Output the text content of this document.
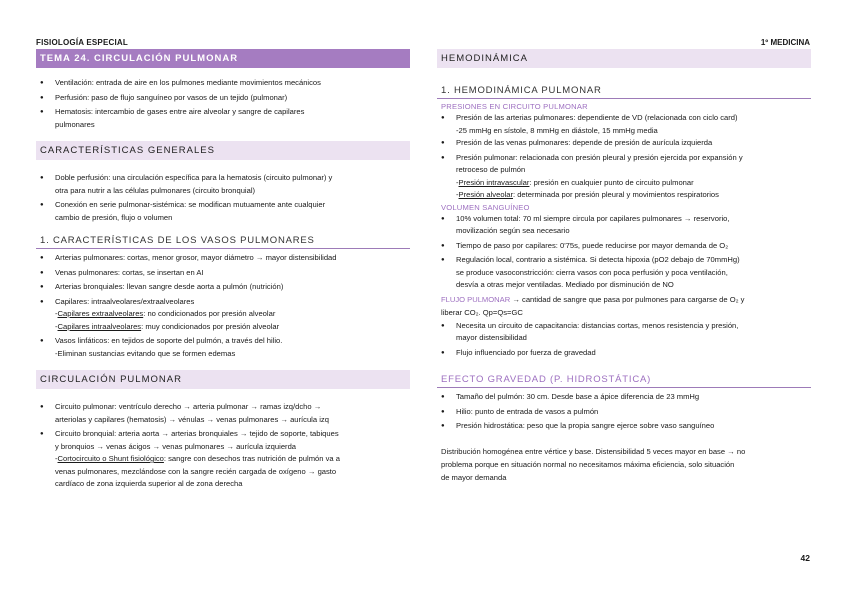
FISIOLOGÍA ESPECIAL	1º MEDICINA
TEMA 24. CIRCULACIÓN PULMONAR
● Ventilación: entrada de aire en los pulmones mediante movimientos mecánicos
● Perfusión: paso de flujo sanguíneo por vasos de un tejido (pulmonar)
● Hematosis: intercambio de gases entre aire alveolar y sangre de capilares
pulmonares
CARACTERÍSTICAS GENERALES
● Doble perfusión: una circulación específica para la hematosis (circuito pulmonar) y
otra para nutrir a las células pulmonares (circuito bronquial)
● Conexión en serie pulmonar-sistémica: se modifican mutuamente ante cualquier
cambio de presión, flujo o volumen
1. CARACTERÍSTICAS DE LOS VASOS PULMONARES
● Arterias pulmonares: cortas, menor grosor, mayor diámetro → mayor distensibilidad
● Venas pulmonares: cortas, se insertan en AI
● Arterias bronquiales: llevan sangre desde aorta a pulmón (nutrición)
● Capilares: intraalveolares/extraalveolares
-Capilares extraalveolares: no condicionados por presión alveolar
-Capilares intraalveolares: muy condicionados por presión alveolar
● Vasos linfáticos: en tejidos de soporte del pulmón, a través del hilio.
-Eliminan sustancias evitando que se formen edemas
CIRCULACIÓN PULMONAR
● Circuito pulmonar: ventrículo derecho → arteria pulmonar → ramas izq/dcho →
arteriolas y capilares (hematosis) → vénulas → venas pulmonares → aurícula izq
● Circuito bronquial: arteria aorta → arterias bronquiales → tejido de soporte, tabiques
y bronquios → venas ácigos → venas pulmonares → aurícula izquierda
-Cortocircuito o Shunt fisiológico: sangre con desechos tras nutrición de pulmón va a
venas pulmonares, mezclándose con la sangre recién cargada de oxígeno → gasto
cardíaco de zona izquierda superior al de zona derecha
HEMODINÁMICA
1. HEMODINÁMICA PULMONAR
PRESIONES EN CIRCUITO PULMONAR
● Presión de las arterias pulmonares: dependiente de VD (relacionada con ciclo card)
-25 mmHg en sístole, 8 mmHg en diástole, 15 mmHg media
● Presión de las venas pulmonares: depende de presión de aurícula izquierda
● Presión pulmonar: relacionada con presión pleural y presión ejercida por expansión y
retroceso de pulmón
-Presión intravascular: presión en cualquier punto de circuito pulmonar
-Presión alveolar: determinada por presión pleural y movimientos respiratorios
VOLUMEN SANGUÍNEO
● 10% volumen total: 70 ml siempre circula por capilares pulmonares → reservorio,
movilización según sea necesario
● Tiempo de paso por capilares: 0'75s, puede reducirse por mayor demanda de O₂
● Regulación local, contrario a sistémica. Si detecta hipoxia (pO2 debajo de 70mmHg)
se produce vasoconstricción: cierra vasos con poca perfusión y poca ventilación,
desvía a otras mejor ventiladas. Mediado por disminución de NO
FLUJO PULMONAR → cantidad de sangre que pasa por pulmones para cargarse de O₂ y
liberar CO₂. Qp=Qs=GC
● Necesita un circuito de capacitancia: distancias cortas, menos resistencia y presión,
mayor distensibilidad
● Flujo influenciado por fuerza de gravedad
EFECTO GRAVEDAD (P. HIDROSTÁTICA)
● Tamaño del pulmón: 30 cm. Desde base a ápice diferencia de 23 mmHg
● Hilio: punto de entrada de vasos a pulmón
● Presión hidrostática: peso que la propia sangre ejerce sobre vaso sanguíneo
Distribución homogénea entre vértice y base. Distensibilidad 5 veces mayor en base → no
problema porque en situación normal no necesitamos máxima eficiencia, solo situación
de mayor demanda
42
